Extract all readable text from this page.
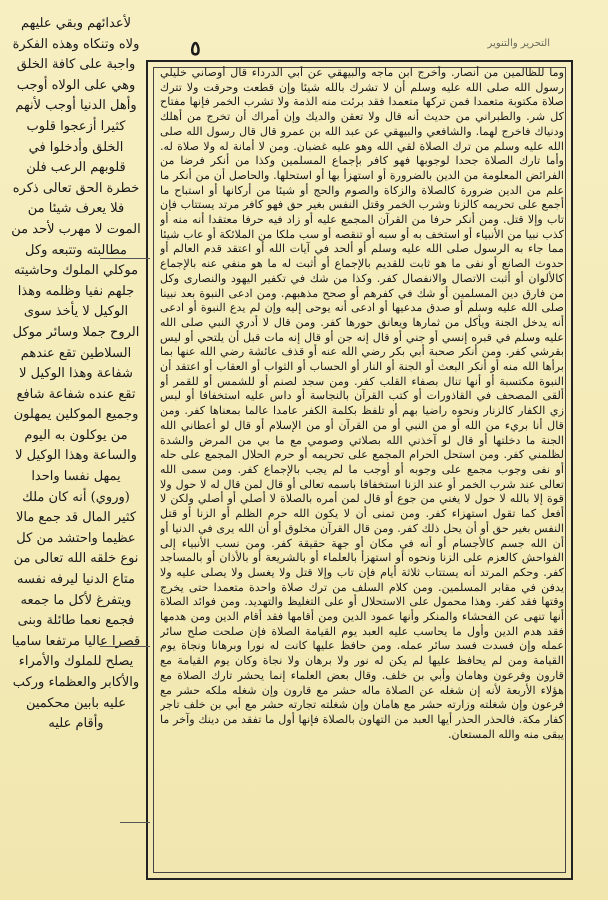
٥	التحرير والتنوير

وما للظالمين من أنصار. وأخرج ابن ماجه والبيهقي عن أبي الدرداء قال أوصاني خليلي رسول الله صلى الله عليه وسلم أن لا تشرك بالله شيئا وإن قطعت وحرقت ولا تترك صلاة مكتوبة متعمدا فمن تركها متعمدا فقد برئت منه الذمة ولا تشرب الخمر فإنها مفتاح كل شر. والطبراني من حديث أنه قال ولا تعقن والديك وإن أمراك أن تخرج من أهلك ودنياك فاخرج لهما. والشافعي والبيهقي عن عبد الله بن عمرو قال قال رسول الله صلى الله عليه وسلم من ترك الصلاة لقي الله وهو عليه غضبان. ومن لا أمانة له ولا صلاة له. وأما تارك الصلاة جحدا لوجوبها فهو كافر بإجماع المسلمين وكذا من أنكر فرضا من الفرائض المعلومة من الدين بالضرورة أو استهزأ بها أو استحلها. والحاصل أن من أنكر ما علم من الدين ضرورة كالصلاة والزكاة والصوم والحج أو شيئا من أركانها أو استباح ما أجمع على تحريمه كالزنا وشرب الخمر وقتل النفس بغير حق فهو كافر مرتد يستتاب فإن تاب وإلا قتل. ومن أنكر حرفا من القرآن المجمع عليه أو زاد فيه حرفا معتقدا أنه منه أو كذب نبيا من الأنبياء أو استخف به أو سبه أو تنقصه أو سب ملكا من الملائكة أو عاب شيئا مما جاء به الرسول صلى الله عليه وسلم أو ألحد في آيات الله أو اعتقد قدم العالم أو حدوث الصانع أو نفى ما هو ثابت للقديم بالإجماع أو أثبت له ما هو منفي عنه بالإجماع كالألوان أو أثبت الاتصال والانفصال كفر. وكذا من شك في تكفير اليهود والنصارى وكل من فارق دين المسلمين أو شك في كفرهم أو صحح مذهبهم. ومن ادعى النبوة بعد نبينا صلى الله عليه وسلم أو صدق مدعيها أو ادعى أنه يوحى إليه وإن لم يدع النبوة أو ادعى أنه يدخل الجنة ويأكل من ثمارها ويعانق حورها كفر. ومن قال لا أدري النبي صلى الله عليه وسلم في قبره إنسي أو جني أو قال إنه جن أو قال إنه مات قبل أن يلتحي أو ليس بقرشي كفر. ومن أنكر صحبة أبي بكر رضي الله عنه أو قذف عائشة رضي الله عنها بما برأها الله منه أو أنكر البعث أو الجنة أو النار أو الحساب أو الثواب أو العقاب أو اعتقد أن النبوة مكتسبة أو أنها تنال بصفاء القلب كفر. ومن سجد لصنم أو للشمس أو للقمر أو ألقى المصحف في القاذورات أو كتب القرآن بالنجاسة أو داس عليه استخفافا أو لبس زي الكفار كالزنار ونحوه راضيا بهم أو تلفظ بكلمة الكفر عامدا عالما بمعناها كفر. ومن قال أنا بريء من الله أو من النبي أو من القرآن أو من الإسلام أو قال لو أعطاني الله الجنة ما دخلتها أو قال لو آخذني الله بصلاتي وصومي مع ما بي من المرض والشدة لظلمني كفر. ومن استحل الحرام المجمع على تحريمه أو حرم الحلال المجمع على حله أو نفى وجوب مجمع على وجوبه أو أوجب ما لم يجب بالإجماع كفر. ومن سمى الله تعالى عند شرب الخمر أو عند الزنا استخفافا باسمه تعالى أو قال لمن قال له لا حول ولا قوة إلا بالله لا حول لا يغني من جوع أو قال لمن أمره بالصلاة لا أصلي أو أصلي ولكن لا أفعل كما تقول استهزاء كفر. ومن تمنى أن لا يكون الله حرم الظلم أو الزنا أو قتل النفس بغير حق أو أن يحل ذلك كفر. ومن قال القرآن مخلوق أو أن الله يرى في الدنيا أو أن الله جسم كالأجسام أو أنه في مكان أو جهة حقيقة كفر. ومن نسب الأنبياء إلى الفواحش كالعزم على الزنا ونحوه أو استهزأ بالعلماء أو بالشريعة أو بالأذان أو بالمساجد كفر. وحكم المرتد أنه يستتاب ثلاثة أيام فإن تاب وإلا قتل ولا يغسل ولا يصلى عليه ولا يدفن في مقابر المسلمين. ومن كلام السلف من ترك صلاة واحدة متعمدا حتى يخرج وقتها فقد كفر. وهذا محمول على الاستحلال أو على التغليظ والتهديد. ومن فوائد الصلاة أنها تنهى عن الفحشاء والمنكر وأنها عمود الدين ومن أقامها فقد أقام الدين ومن هدمها فقد هدم الدين وأول ما يحاسب عليه العبد يوم القيامة الصلاة فإن صلحت صلح سائر عمله وإن فسدت فسد سائر عمله. ومن حافظ عليها كانت له نورا وبرهانا ونجاة يوم القيامة ومن لم يحافظ عليها لم يكن له نور ولا برهان ولا نجاة وكان يوم القيامة مع قارون وفرعون وهامان وأبي بن خلف. وقال بعض العلماء إنما يحشر تارك الصلاة مع هؤلاء الأربعة لأنه إن شغله عن الصلاة ماله حشر مع قارون وإن شغله ملكه حشر مع فرعون وإن شغلته وزارته حشر مع هامان وإن شغلته تجارته حشر مع أبي بن خلف تاجر كفار مكة. فالحذر الحذر أيها العبد من التهاون بالصلاة فإنها أول ما تفقد من دينك وآخر ما يبقى منه والله المستعان.

لأعدائهم وبقي عليهم ولاه وتنكاه وهذه الفكرة واجبة على كافة الخلق وهي على الولاه أوجب وأهل الدنيا أوجب لأنهم كثيرا أزعجوا قلوب الخلق وأدخلوا في قلوبهم الرعب فلن خطرة الحق تعالى ذكره فلا يعرف شيئا من الموت لا مهرب لأحد من مطالبته وتتبعه وكل موكلي الملوك وحاشيته جلهم نفيا وظلمه وهذا الوكيل لا يأخذ سوى الروح جملا وسائر موكل السلاطين تقع عندهم شفاعة وهذا الوكيل لا تقع عنده شفاعة شافع وجميع الموكلين يمهلون من يوكلون به اليوم والساعة وهذا الوكيل لا يمهل نفسا واحدا (وروي) أنه كان ملك كثير المال قد جمع مالا عظيما واحتشد من كل نوع خلقه الله تعالى من متاع الدنيا ليرفه نفسه ويتفرغ لأكل ما جمعه فجمع نعما طائلة وبنى قصرا عاليا مرتفعا ساميا يصلح للملوك والأمراء والأكابر والعظماء وركب عليه بابين محكمين وأقام عليه
